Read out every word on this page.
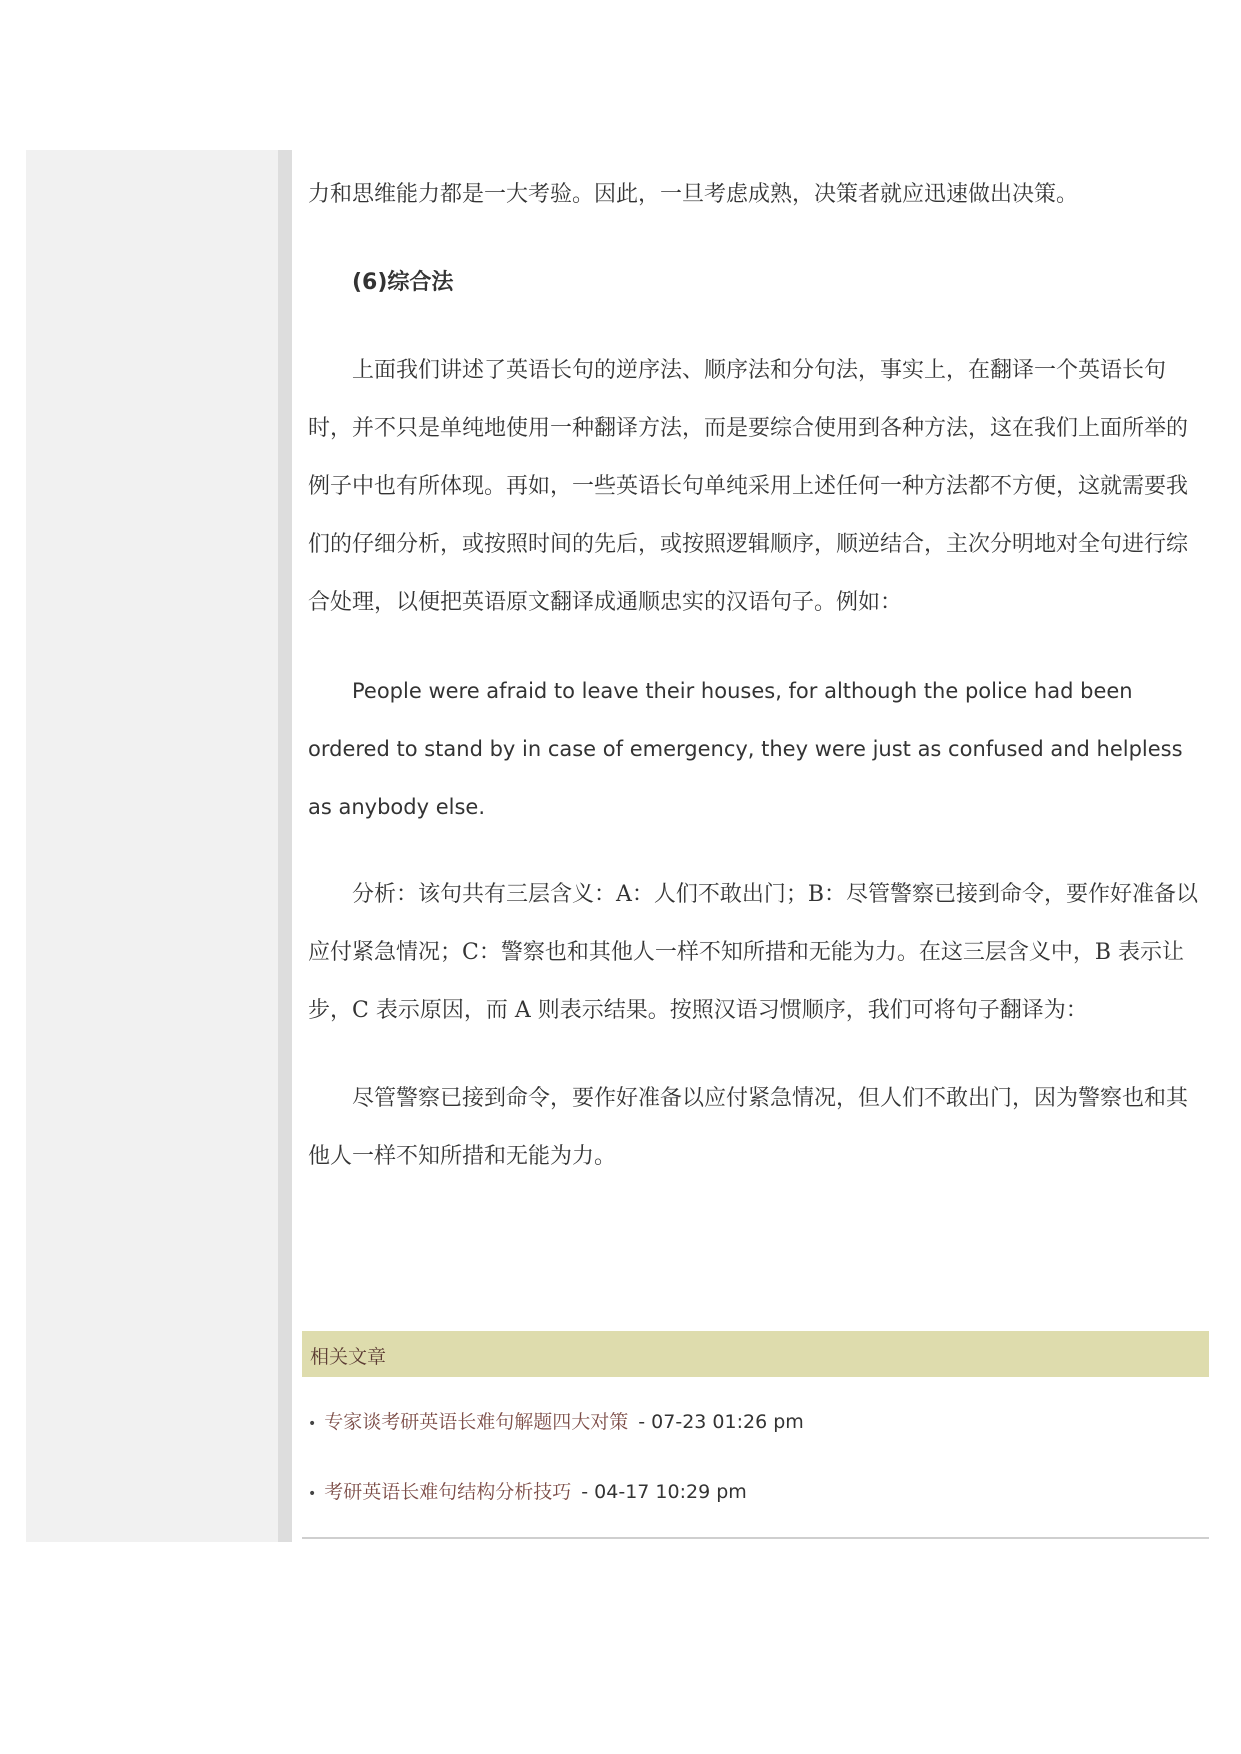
力和思维能力都是一大考验。因此，一旦考虑成熟，决策者就应迅速做出决策。

(6)综合法

上面我们讲述了英语长句的逆序法、顺序法和分句法，事实上，在翻译一个英语长句时，并不只是单纯地使用一种翻译方法，而是要综合使用到各种方法，这在我们上面所举的例子中也有所体现。再如，一些英语长句单纯采用上述任何一种方法都不方便，这就需要我们的仔细分析，或按照时间的先后，或按照逻辑顺序，顺逆结合，主次分明地对全句进行综合处理，以便把英语原文翻译成通顺忠实的汉语句子。例如：

People were afraid to leave their houses, for although the police had been ordered to stand by in case of emergency, they were just as confused and helpless as anybody else.

分析：该句共有三层含义：A：人们不敢出门；B：尽管警察已接到命令，要作好准备以应付紧急情况；C：警察也和其他人一样不知所措和无能为力。在这三层含义中，B 表示让步，C 表示原因，而 A 则表示结果。按照汉语习惯顺序，我们可将句子翻译为：

尽管警察已接到命令，要作好准备以应付紧急情况，但人们不敢出门，因为警察也和其他人一样不知所措和无能为力。

相关文章
• 专家谈考研英语长难句解题四大对策 - 07-23 01:26 pm
• 考研英语长难句结构分析技巧 - 04-17 10:29 pm
